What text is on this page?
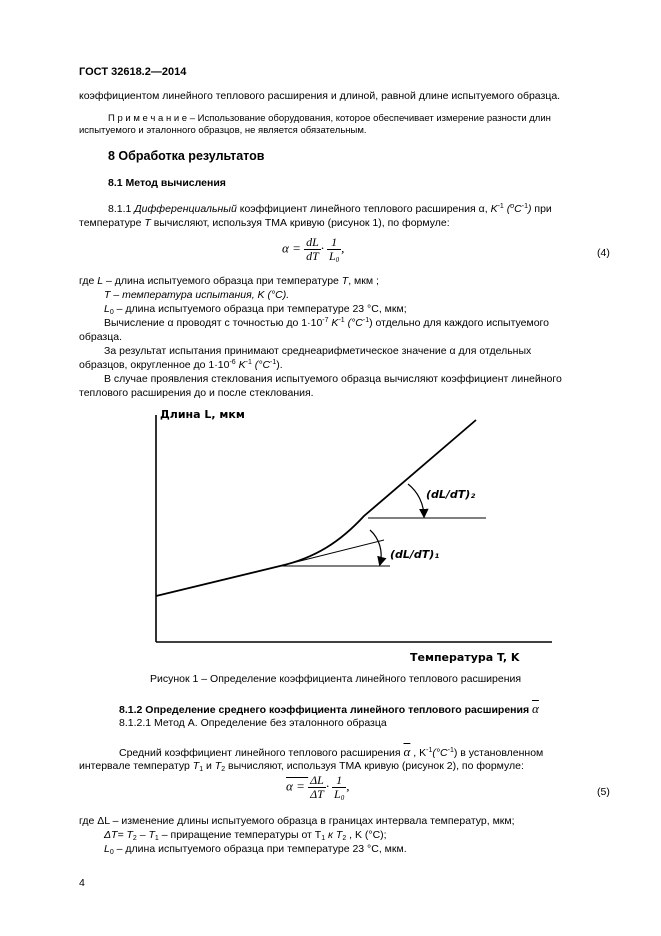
ГОСТ 32618.2—2014
коэффициентом линейного теплового расширения и длиной, равной длине испытуемого образца.
П р и м е ч а н и е – Использование оборудования, которое обеспечивает измерение разности длин
испытуемого и эталонного образцов, не является обязательным.
8 Обработка результатов
8.1 Метод вычисления
8.1.1 Дифференциальный коэффициент линейного теплового расширения α, $K^{-1}$ $(^oC^{-1})$ при
температуре T вычисляют, используя ТМА кривую (рисунок 1), по формуле:
$\alpha = \frac{dL}{dT} \cdot \frac{1}{L_0}$ ,	(4)
где L – длина испытуемого образца при температуре T, мкм ;
T – температура испытания, K (°C).
$L_0$ – длина испытуемого образца при температуре 23 °C, мкм;
Вычисление α проводят с точностью до $1\cdot 10^{-7}$ $K^{-1}$ $(^\circ C^{-1})$ отдельно для каждого испытуемого
образца.
За результат испытания принимают среднеарифметическое значение α для отдельных
образцов, округленное до $1\cdot 10^{-6}$ $K^{-1}$ $(^\circ C^{-1})$.
В случае проявления стеклования испытуемого образца вычисляют коэффициент линейного
теплового расширения до и после стеклования.
Длина L, мкм
Температура T, K
(dL/dT)₂
(dL/dT)₁
Рисунок 1 – Определение коэффициента линейного теплового расширения
8.1.2 Определение среднего коэффициента линейного теплового расширения $\overline{\alpha}$
8.1.2.1 Метод А. Определение без эталонного образца
Средний коэффициент линейного теплового расширения $\overline{\alpha}$ , $K^{-1}(^\circ C^{-1})$ в установленном
интервале температур $T_1$ и $T_2$ вычисляют, используя ТМА кривую (рисунок 2), по формуле:
$\alpha = \frac{\Delta L}{\Delta T} \cdot \frac{1}{L_0}$ ,	(5)
где ΔL – изменение длины испытуемого образца в границах интервала температур, мкм;
$\Delta T= T_2 - T_1$ – приращение температуры от $T_1$ к $T_2$ , K (°C);
$L_0$ – длина испытуемого образца при температуре 23 °C, мкм.
4
